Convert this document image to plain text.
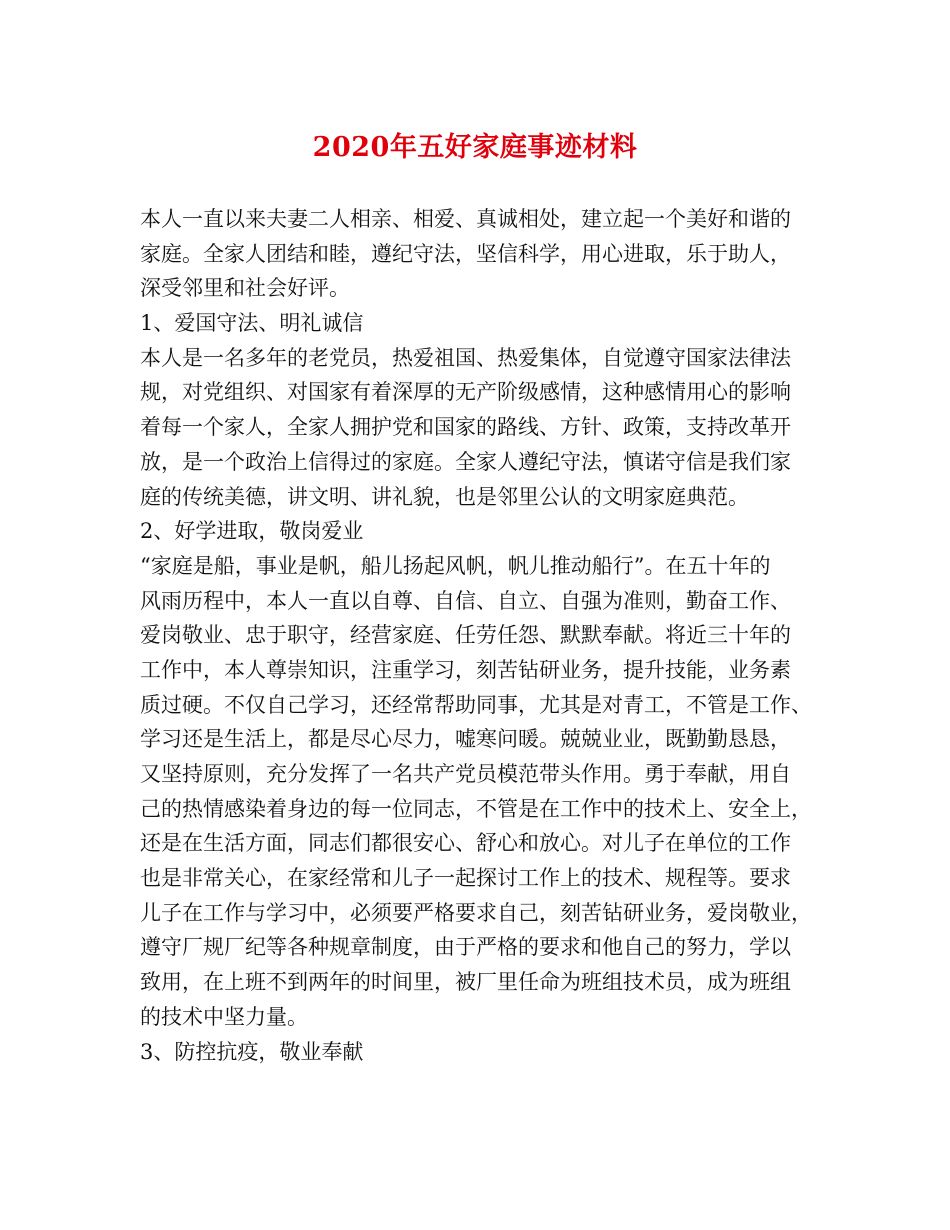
2020年五好家庭事迹材料
本人一直以来夫妻二人相亲、相爱、真诚相处，建立起一个美好和谐的
家庭。全家人团结和睦，遵纪守法，坚信科学，用心进取，乐于助人，
深受邻里和社会好评。
1、爱国守法、明礼诚信
本人是一名多年的老党员，热爱祖国、热爱集体，自觉遵守国家法律法
规，对党组织、对国家有着深厚的无产阶级感情，这种感情用心的影响
着每一个家人，全家人拥护党和国家的路线、方针、政策，支持改革开
放，是一个政治上信得过的家庭。全家人遵纪守法，慎诺守信是我们家
庭的传统美德，讲文明、讲礼貌，也是邻里公认的文明家庭典范。
2、好学进取，敬岗爱业
“家庭是船，事业是帆，船儿扬起风帆，帆儿推动船行”。在五十年的
风雨历程中，本人一直以自尊、自信、自立、自强为准则，勤奋工作、
爱岗敬业、忠于职守，经营家庭、任劳任怨、默默奉献。将近三十年的
工作中，本人尊崇知识，注重学习，刻苦钻研业务，提升技能，业务素
质过硬。不仅自己学习，还经常帮助同事，尤其是对青工，不管是工作、
学习还是生活上，都是尽心尽力，嘘寒问暖。兢兢业业，既勤勤恳恳，
又坚持原则，充分发挥了一名共产党员模范带头作用。勇于奉献，用自
己的热情感染着身边的每一位同志，不管是在工作中的技术上、安全上，
还是在生活方面，同志们都很安心、舒心和放心。对儿子在单位的工作
也是非常关心，在家经常和儿子一起探讨工作上的技术、规程等。要求
儿子在工作与学习中，必须要严格要求自己，刻苦钻研业务，爱岗敬业，
遵守厂规厂纪等各种规章制度，由于严格的要求和他自己的努力，学以
致用，在上班不到两年的时间里，被厂里任命为班组技术员，成为班组
的技术中坚力量。
3、防控抗疫，敬业奉献
